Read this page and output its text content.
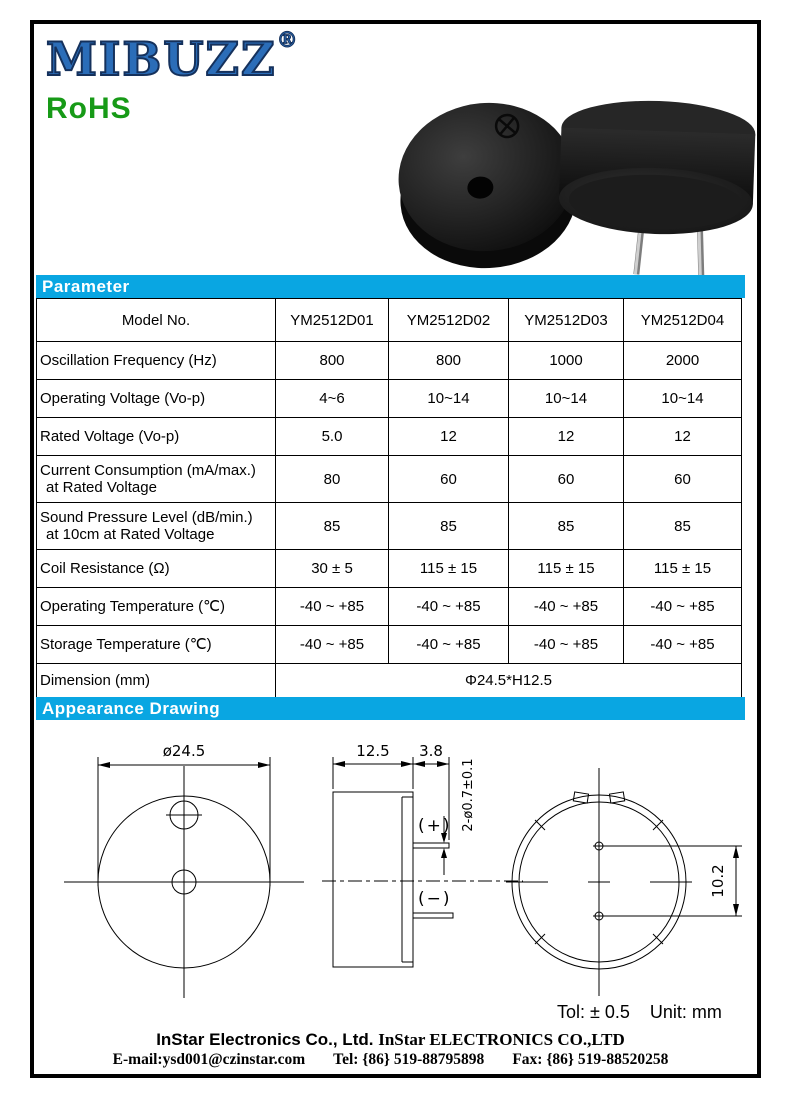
MIBUZZ®
RoHS
Parameter
Model No.	YM2512D01	YM2512D02	YM2512D03	YM2512D04
Oscillation Frequency (Hz)	800	800	1000	2000
Operating Voltage (Vo-p)	4~6	10~14	10~14	10~14
Rated Voltage (Vo-p)	5.0	12	12	12
Current Consumption (mA/max.)
at Rated Voltage	80	60	60	60
Sound Pressure Level (dB/min.)
at 10cm at Rated Voltage	85	85	85	85
Coil Resistance (Ω)	30 ± 5	115 ± 15	115 ± 15	115 ± 15
Operating Temperature (℃)	-40 ~ +85	-40 ~ +85	-40 ~ +85	-40 ~ +85
Storage Temperature (℃)	-40 ~ +85	-40 ~ +85	-40 ~ +85	-40 ~ +85
Dimension (mm)	Φ24.5*H12.5			
Appearance Drawing
ø24.5	12.5 3.8
2-ø0.7±0.1
(+)
(−)
10.2
Tol: ± 0.5 Unit: mm
InStar Electronics Co., Ltd. InStar ELECTRONICS CO.,LTD
E-mail:ysd001@czinstar.com Tel: {86} 519-88795898 Fax: {86} 519-88520258
